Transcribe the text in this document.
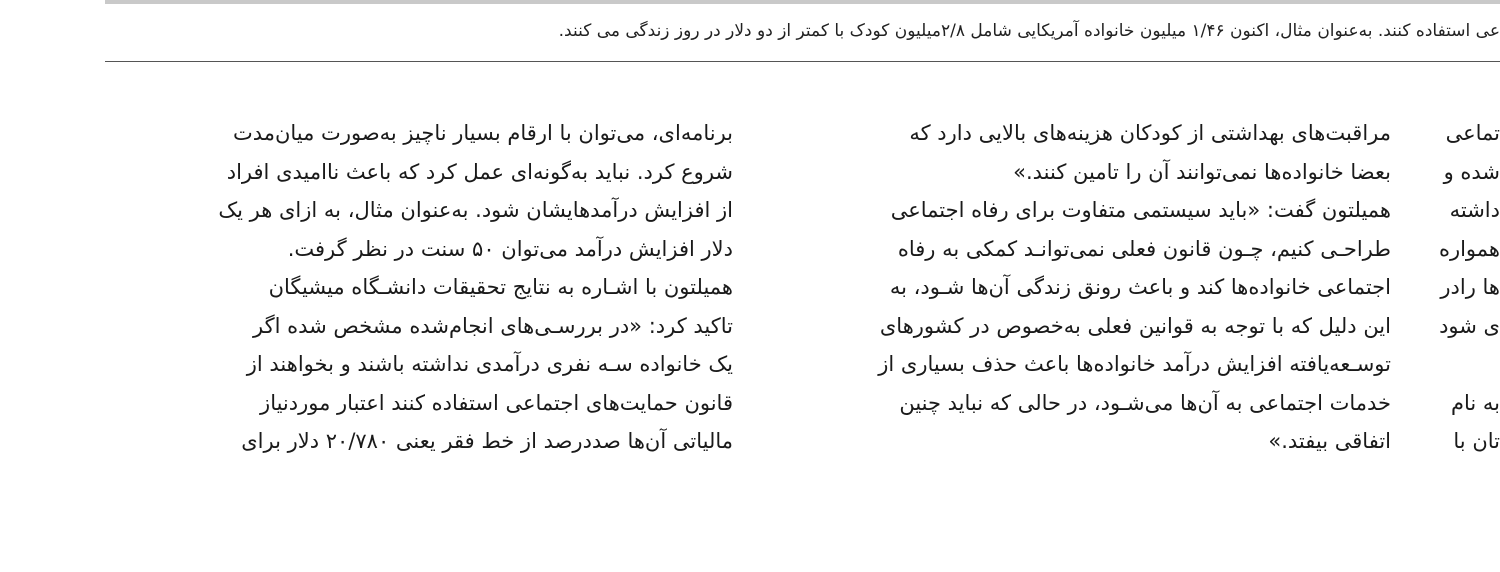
عی استفاده کنند. به‌عنوان مثال، اکنون ۱/۴۶ میلیون خانواده آمریکایی شامل ۲/۸میلیون کودک با کمتر از دو دلار در روز زندگی می کنند.
تماعی
شده و
داشته
همواره
ها رادر
ی شود
به نام
تان با
مراقبت‌های بهداشتی از کودکان هزینه‌های بالایی دارد که
بعضا خانواده‌ها نمی‌توانند آن را تامین کنند.»
همیلتون گفت: «باید سیستمی متفاوت برای رفاه اجتماعی
طراحـی کنیم، چـون قانون فعلی نمی‌توانـد کمکی به رفاه
اجتماعی خانواده‌ها کند و باعث رونق زندگی آن‌ها شـود، به
این دلیل که با توجه به قوانین فعلی به‌خصوص در کشورهای
توسـعه‌یافته افزایش درآمد خانواده‌ها باعث حذف بسیاری از
خدمات اجتماعی به آن‌ها می‌شـود، در حالی که نباید چنین
اتفاقی بیفتد.»
برنامه‌ای، می‌توان با ارقام بسیار ناچیز به‌صورت میان‌مدت
شروع کرد. نباید به‌گونه‌ای عمل کرد که باعث ناامیدی افراد
از افزایش درآمدهایشان شود. به‌عنوان مثال، به ازای هر یک
دلار افزایش درآمد می‌توان ۵۰ سنت در نظر گرفت.
همیلتون با اشـاره به نتایج تحقیقات دانشـگاه میشیگان
تاکید کرد: «در بررسـی‌های انجام‌شده مشخص شده اگر
یک خانواده سـه نفری درآمدی نداشته باشند و بخواهند از
قانون حمایت‌های اجتماعی استفاده کنند اعتبار موردنیاز
مالیاتی آن‌ها صددرصد از خط فقر یعنی ۲۰/۷۸۰ دلار برای
